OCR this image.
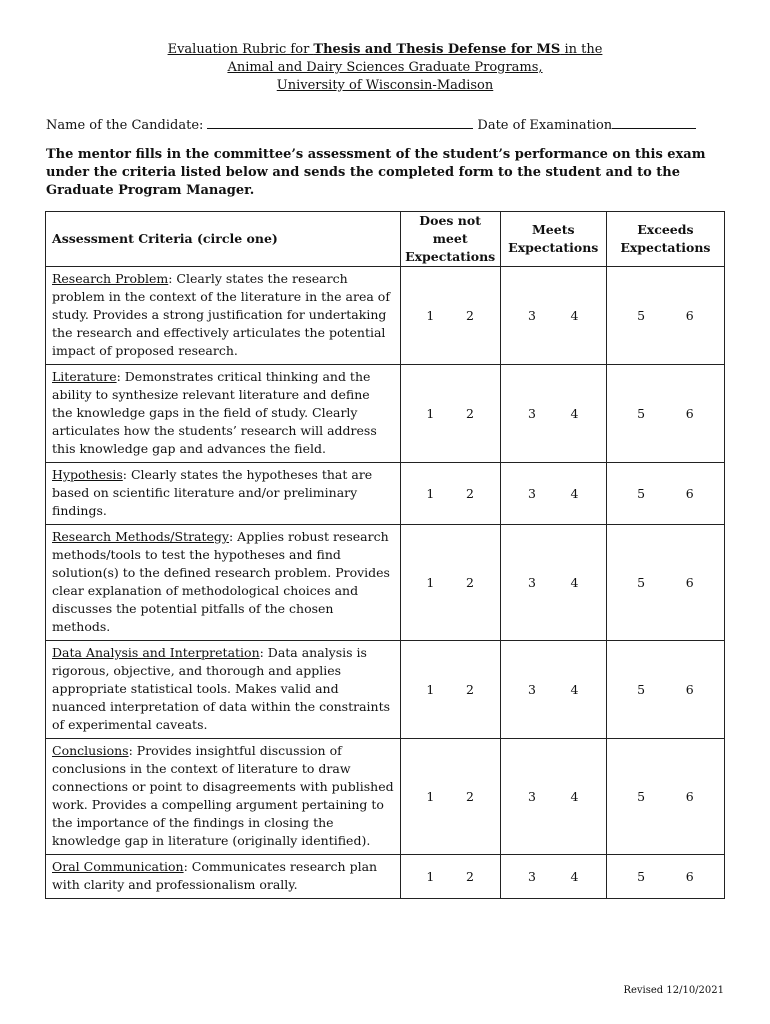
Evaluation Rubric for Thesis and Thesis Defense for MS in the
Animal and Dairy Sciences Graduate Programs,
University of Wisconsin-Madison
Name of the Candidate:	Date of Examination
The mentor fills in the committee’s assessment of the student’s performance on this exam under the criteria listed below and sends the completed form to the student and to the Graduate Program Manager.
Assessment Criteria (circle one)	Does not meet Expectations	Meets Expectations	Exceeds Expectations
Research Problem: Clearly states the research problem in the context of the literature in the area of study. Provides a strong justification for undertaking the research and effectively articulates the potential impact of proposed research.	1 2	3 4	5 6

Literature: Demonstrates critical thinking and the ability to synthesize relevant literature and define the knowledge gaps in the field of study. Clearly articulates how the students’ research will address this knowledge gap and advances the field.	1 2	3 4	5 6

Hypothesis: Clearly states the hypotheses that are based on scientific literature and/or preliminary findings.	1 2	3 4	5 6

Research Methods/Strategy: Applies robust research methods/tools to test the hypotheses and find solution(s) to the defined research problem. Provides clear explanation of methodological choices and discusses the potential pitfalls of the chosen methods.	1 2	3 4	5 6

Data Analysis and Interpretation: Data analysis is rigorous, objective, and thorough and applies appropriate statistical tools. Makes valid and nuanced interpretation of data within the constraints of experimental caveats.	1 2	3 4	5 6

Conclusions: Provides insightful discussion of conclusions in the context of literature to draw connections or point to disagreements with published work. Provides a compelling argument pertaining to the importance of the findings in closing the knowledge gap in literature (originally identified).	1 2	3 4	5 6

Oral Communication: Communicates research plan with clarity and professionalism orally.	1 2	3 4	5 6
Revised 12/10/2021
